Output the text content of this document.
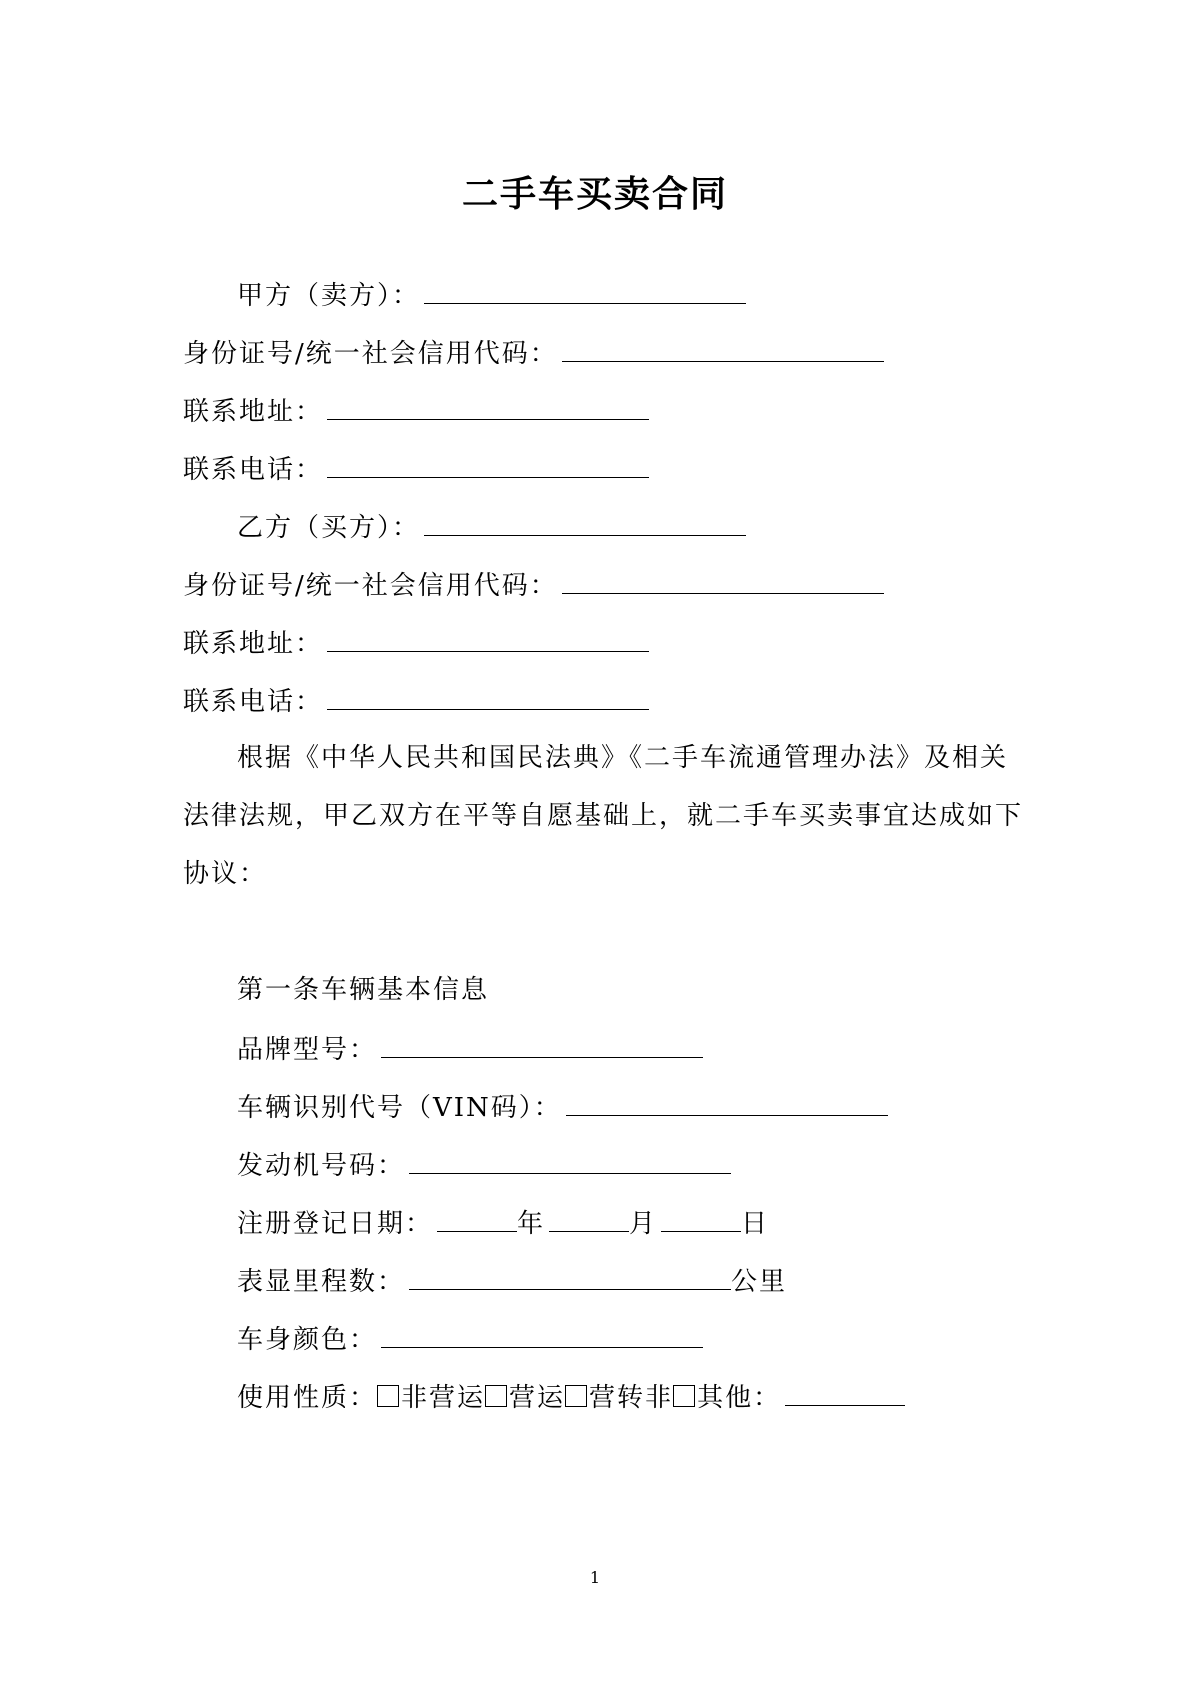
二手车买卖合同
甲方（卖方）：
身份证号/统一社会信用代码：
联系地址：
联系电话：
乙方（买方）：
身份证号/统一社会信用代码：
联系地址：
联系电话：
根据《中华人民共和国民法典》《二手车流通管理办法》及相关
法律法规，甲乙双方在平等自愿基础上，就二手车买卖事宜达成如下
协议：
第一条车辆基本信息
品牌型号：
车辆识别代号（VIN码）：
发动机号码：
注册登记日期：	年	月	日
表显里程数：	公里
车身颜色：
使用性质： 非营运 营运 营转非 其他：
1
